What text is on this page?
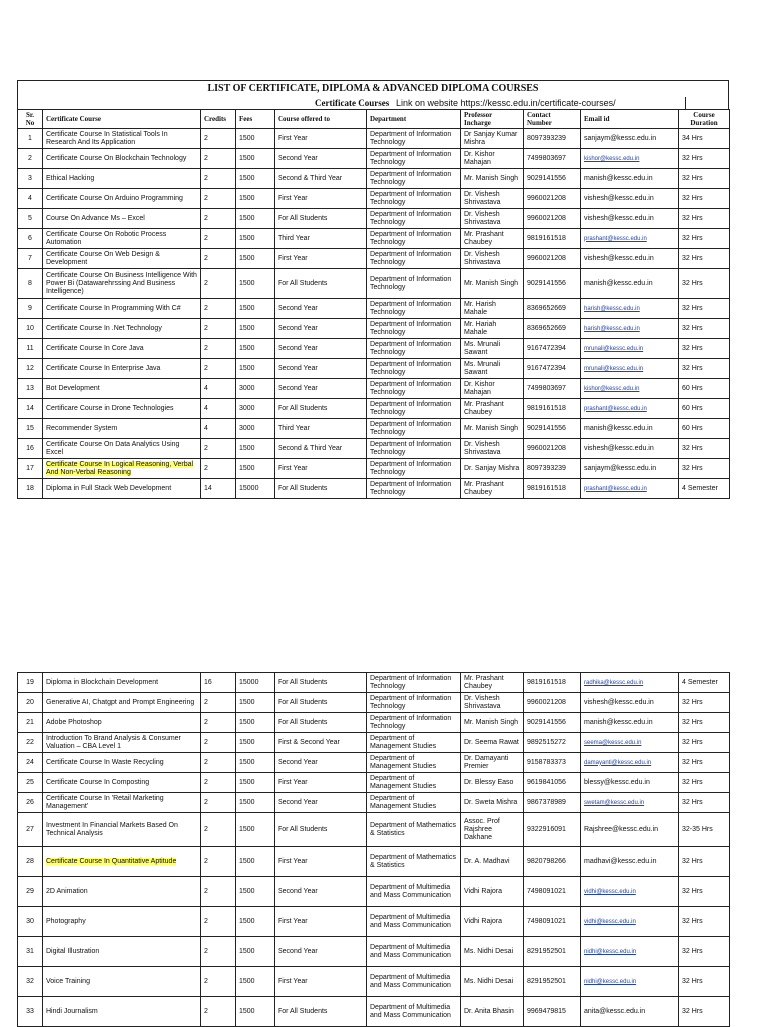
LIST OF CERTIFICATE, DIPLOMA & ADVANCED DIPLOMA COURSES
Certificate Courses Link on website https://kessc.edu.in/certificate-courses/
Sr. No	Certificate Course	Credits	Fees	Course offered to	Department	Professor Incharge	Contact Number	Email id	Course Duration
1	Certificate Course In Statistical Tools In Research And Its Application	2	1500	First Year	Department of Information Technology	Dr Sanjay Kumar Mishra	8097393239	sanjaym@kessc.edu.in	34 Hrs
2	Certificate Course On Blockchain Technology	2	1500	Second Year	Department of Information Technology	Dr. Kishor Mahajan	7499803697	kishor@kessc.edu.in	32 Hrs
3	Ethical Hacking	2	1500	Second & Third Year	Department of Information Technology	Mr. Manish Singh	9029141556	manish@kessc.edu.in	32 Hrs
4	Certificate Course On Arduino Programming	2	1500	First Year	Department of Information Technology	Dr. Vishesh Shrivastava	9960021208	vishesh@kessc.edu.in	32 Hrs
5	Course On Advance Ms – Excel	2	1500	For All Students	Department of Information Technology	Dr. Vishesh Shrivastava	9960021208	vishesh@kessc.edu.in	32 Hrs
6	Certificate Course On Robotic Process Automation	2	1500	Third Year	Department of Information Technology	Mr. Prashant Chaubey	9819161518	prashant@kessc.edu.in	32 Hrs
7	Certificate Course On Web Design & Development	2	1500	First Year	Department of Information Technology	Dr. Vishesh Shrivastava	9960021208	vishesh@kessc.edu.in	32 Hrs
8	Certificate Course On Business Intelligence With Power Bi (Datawarehrssing And Business Intelligence)	2	1500	For All Students	Department of Information Technology	Mr. Manish Singh	9029141556	manish@kessc.edu.in	32 Hrs
9	Certificate Course In Programming With C#	2	1500	Second Year	Department of Information Technology	Mr. Harish Mahale	8369652669	harish@kessc.edu.in	32 Hrs
10	Certificate Course In .Net Technology	2	1500	Second Year	Department of Information Technology	Mr. Hariah Mahale	8369652669	harish@kessc.edu.in	32 Hrs
11	Certificate Course In Core Java	2	1500	Second Year	Department of Information Technology	Ms. Mrunali Sawant	9167472394	mrunali@kessc.edu.in	32 Hrs
12	Certificate Course In Enterprise Java	2	1500	Second Year	Department of Information Technology	Ms. Mrunali Sawant	9167472394	mrunali@kessc.edu.in	32 Hrs
13	Bot Development	4	3000	Second Year	Department of Information Technology	Dr. Kishor Mahajan	7499803697	kishor@kessc.edu.in	60 Hrs
14	Certificare Course in Drone Technologies	4	3000	For All Students	Department of Information Technology	Mr. Prashant Chaubey	9819161518	prashant@kessc.edu.in	60 Hrs
15	Recommender System	4	3000	Third Year	Department of Information Technology	Mr. Manish Singh	9029141556	manish@kessc.edu.in	60 Hrs
16	Certificate Course On Data Analytics Using Excel	2	1500	Second & Third Year	Department of Information Technology	Dr. Vishesh Shrivastava	9960021208	vishesh@kessc.edu.in	32 Hrs
17	Certificate Course In Logical Reasoning, Verbal And Non-Verbal Reasoning	2	1500	First Year	Department of Information Technology	Dr. Sanjay Mishra	8097393239	sanjaym@kessc.edu.in	32 Hrs
18	Diploma in Full Stack Web Development	14	15000	For All Students	Department of Information Technology	Mr. Prashant Chaubey	9819161518	prashant@kessc.edu.in	4 Semester
19	Diploma in Blockchain Development	16	15000	For All Students	Department of Information Technology	Mr. Prashant Chaubey	9819161518	radhika@kessc.edu.in	4 Semester
20	Generative AI, Chatgpt and Prompt Engineering	2	1500	For All Students	Department of Information Technology	Dr. Vishesh Shrivastava	9960021208	vishesh@kessc.edu.in	32 Hrs
21	Adobe Photoshop	2	1500	For All Students	Department of Information Technology	Mr. Manish Singh	9029141556	manish@kessc.edu.in	32 Hrs
22	Introduction To Brand Analysis & Consumer Valuation – CBA Level 1	2	1500	First & Second Year	Department of Management Studies	Dr. Seema Rawat	9892515272	seema@kessc.edu.in	32 Hrs
24	Certificate Course In Waste Recycling	2	1500	Second Year	Department of Management Studies	Dr. Damayanti Premier	9158783373	damayanti@kessc.edu.in	32 Hrs
25	Certificate Course In Composting	2	1500	First Year	Department of Management Studies	Dr. Blessy Easo	9619841056	blessy@kessc.edu.in	32 Hrs
26	Certificate Course In 'Retail Marketing Management'	2	1500	Second Year	Department of Management Studies	Dr. Sweta Mishra	9867378989	swetam@kessc.edu.in	32 Hrs
27	Investment In Financial Markets Based On Technical Analysis	2	1500	For All Students	Department of Mathematics & Statistics	Assoc. Prof Rajshree Dakhane	9322916091	Rajshree@kessc.edu.in	32-35 Hrs
28	Certificate Course In Quantitative Aptitude	2	1500	First Year	Department of Mathematics & Statistics	Dr. A. Madhavi	9820798266	madhavi@kessc.edu.in	32 Hrs
29	2D Animation	2	1500	Second Year	Department of Multimedia and Mass Communication	Vidhi Rajora	7498091021	vidhi@kessc.edu.in	32 Hrs
30	Photography	2	1500	First Year	Department of Multimedia and Mass Communication	Vidhi Rajora	7498091021	vidhi@kessc.edu.in	32 Hrs
31	Digital Illustration	2	1500	Second Year	Department of Multimedia and Mass Communication	Ms. Nidhi Desai	8291952501	nidhi@kessc.edu.in	32 Hrs
32	Voice Training	2	1500	First Year	Department of Multimedia and Mass Communication	Ms. Nidhi Desai	8291952501	nidhi@kessc.edu.in	32 Hrs
33	Hindi Journalism	2	1500	For All Students	Department of Multimedia and Mass Communication	Dr. Anita Bhasin	9969479815	anita@kessc.edu.in	32 Hrs
